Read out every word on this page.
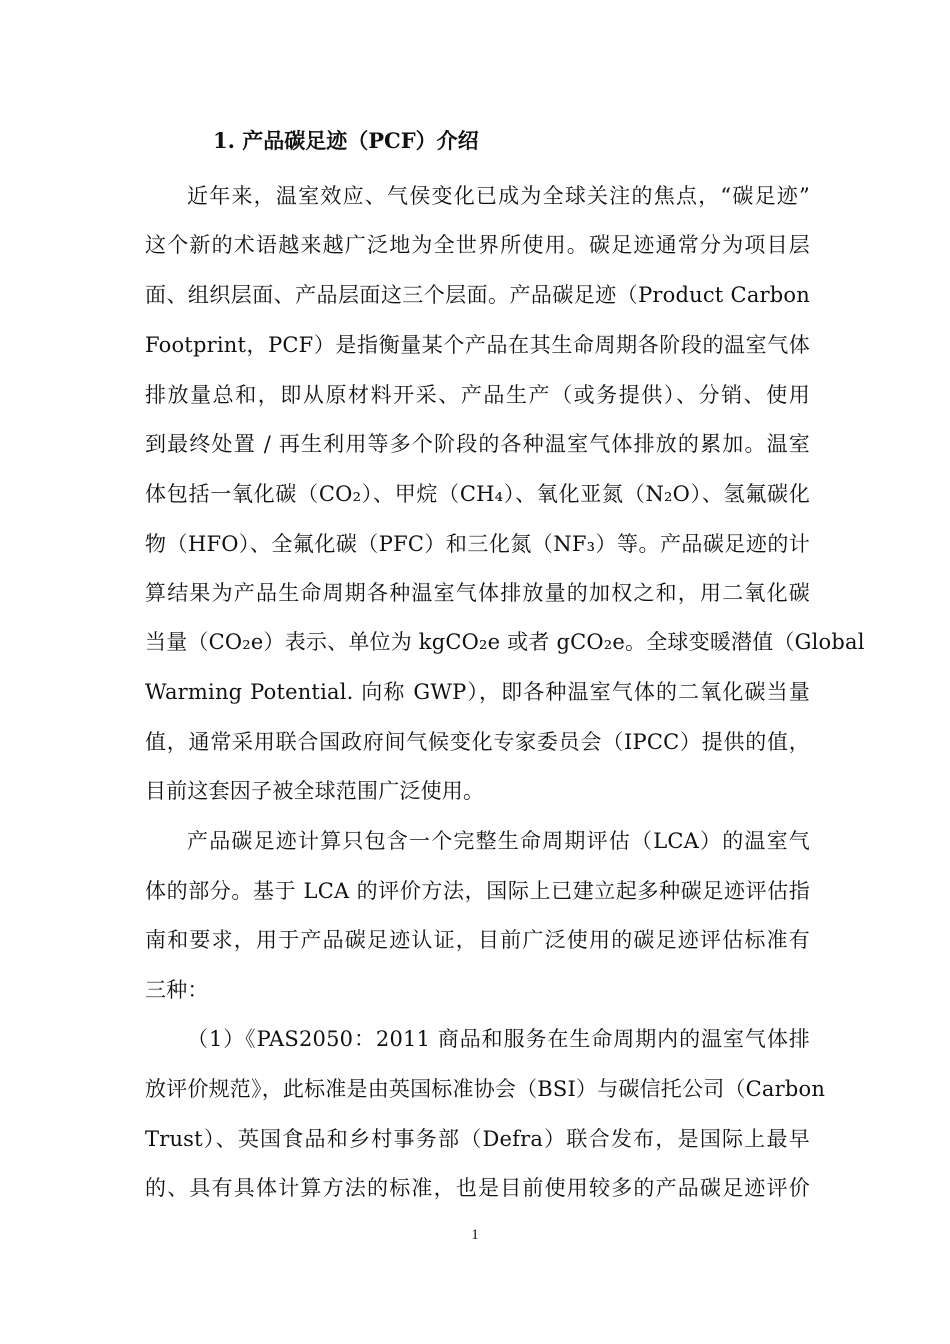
1. 产品碳足迹（PCF）介绍
近年来，温室效应、气侯变化已成为全球关注的焦点，“碳足迹”
这个新的术语越来越广泛地为全世界所使用。碳足迹通常分为项目层
面、组织层面、产品层面这三个层面。产品碳足迹（Product Carbon
Footprint，PCF）是指衡量某个产品在其生命周期各阶段的温室气体
排放量总和，即从原材料开采、产品生产（或务提供）、分销、使用
到最终处置 / 再生利用等多个阶段的各种温室气体排放的累加。温室
体包括一氧化碳（CO₂）、甲烷（CH₄）、氧化亚氮（N₂O）、氢氟碳化
物（HFO）、全氟化碳（PFC）和三化氮（NF₃）等。产品碳足迹的计
算结果为产品生命周期各种温室气体排放量的加权之和，用二氧化碳
当量（CO₂e）表示、单位为 kgCO₂e 或者 gCO₂e。全球变暖潜值（Global
Warming Potential. 向称 GWP），即各种温室气体的二氧化碳当量
值，通常采用联合国政府间气候变化专家委员会（IPCC）提供的值，
目前这套因子被全球范围广泛使用。
产品碳足迹计算只包含一个完整生命周期评估（LCA）的温室气
体的部分。基于 LCA 的评价方法，国际上已建立起多种碳足迹评估指
南和要求，用于产品碳足迹认证，目前广泛使用的碳足迹评估标准有
三种：
（1）《PAS2050：2011 商品和服务在生命周期内的温室气体排
放评价规范》，此标准是由英国标准协会（BSI）与碳信托公司（Carbon
Trust）、英国食品和乡村事务部（Defra）联合发布，是国际上最早
的、具有具体计算方法的标准，也是目前使用较多的产品碳足迹评价
1
